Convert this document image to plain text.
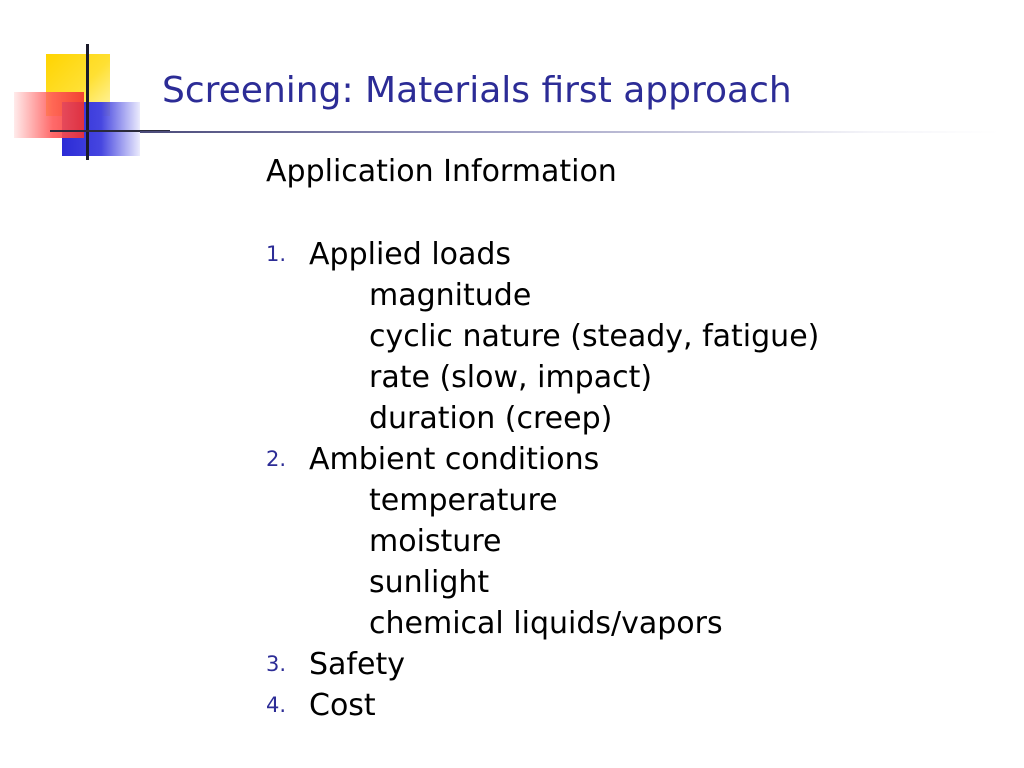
Screening: Materials first approach

Application Information

1. Applied loads
magnitude
cyclic nature (steady, fatigue)
rate (slow, impact)
duration (creep)
2. Ambient conditions
temperature
moisture
sunlight
chemical liquids/vapors
3. Safety
4. Cost
